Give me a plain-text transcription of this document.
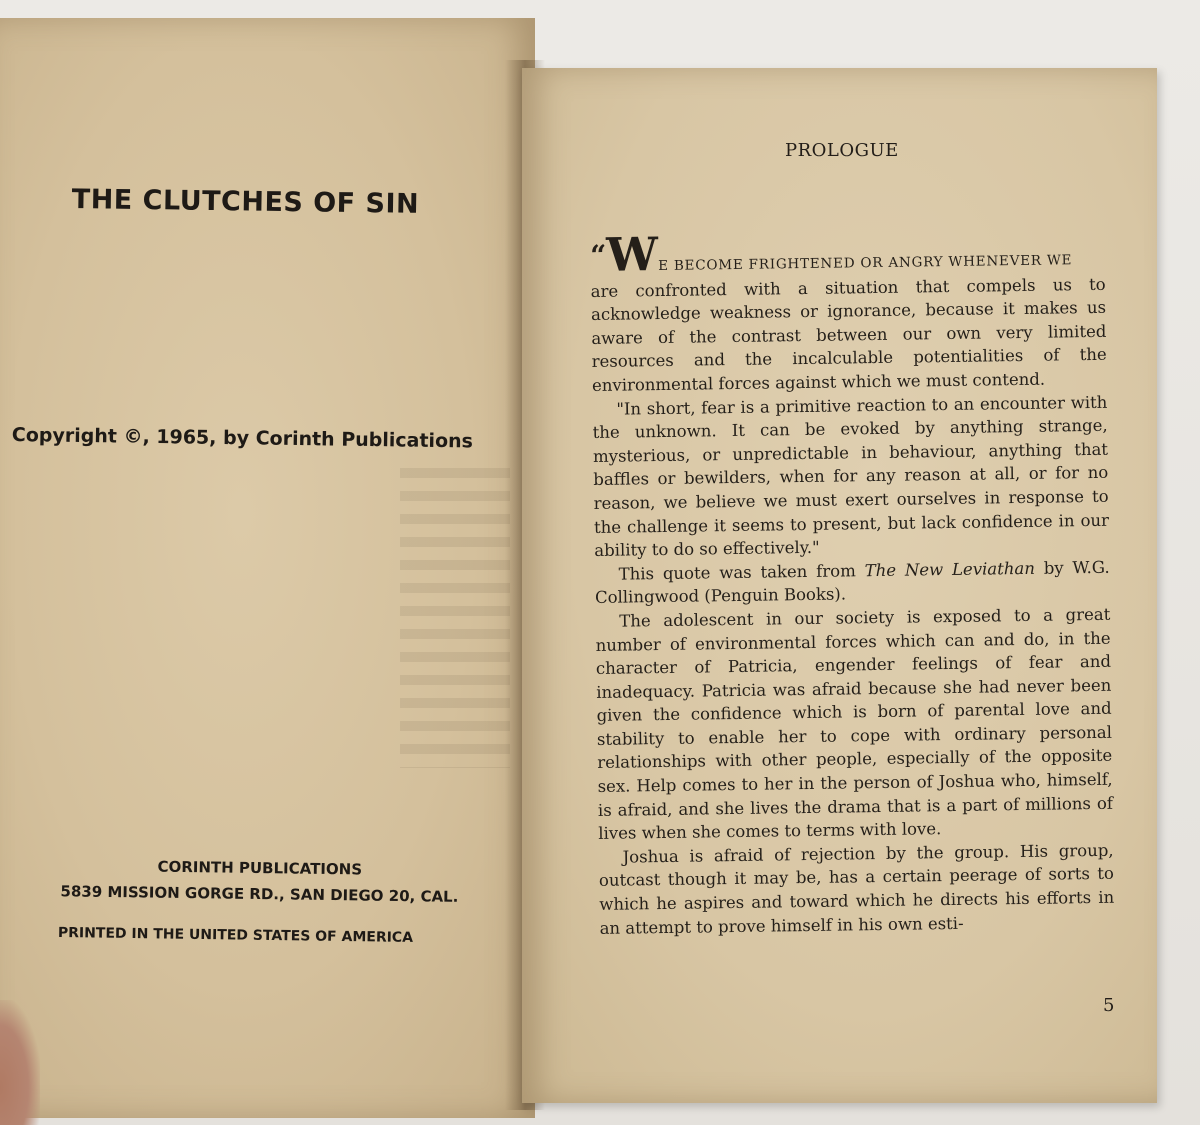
THE CLUTCHES OF SIN

Copyright ©, 1965, by Corinth Publications

CORINTH PUBLICATIONS
5839 MISSION GORGE RD., SAN DIEGO 20, CAL.
PRINTED IN THE UNITED STATES OF AMERICA
PROLOGUE

“WE BECOME FRIGHTENED OR ANGRY WHENEVER WE
are confronted with a situation that compels us to acknowledge weakness or ignorance, because it makes us aware of the contrast between our own very limited resources and the incalculable potentialities of the environmental forces against which we must contend.

"In short, fear is a primitive reaction to an encounter with the unknown. It can be evoked by anything strange, mysterious, or unpredictable in behaviour, anything that baffles or bewilders, when for any reason at all, or for no reason, we believe we must exert ourselves in response to the challenge it seems to present, but lack confidence in our ability to do so effectively."

This quote was taken from The New Leviathan by W.G. Collingwood (Penguin Books).

The adolescent in our society is exposed to a great number of environmental forces which can and do, in the character of Patricia, engender feelings of fear and inadequacy. Patricia was afraid because she had never been given the confidence which is born of parental love and stability to enable her to cope with ordinary personal relationships with other people, especially of the opposite sex. Help comes to her in the person of Joshua who, himself, is afraid, and she lives the drama that is a part of millions of lives when she comes to terms with love.

Joshua is afraid of rejection by the group. His group, outcast though it may be, has a certain peerage of sorts to which he aspires and toward which he directs his efforts in an attempt to prove himself in his own esti-

5
